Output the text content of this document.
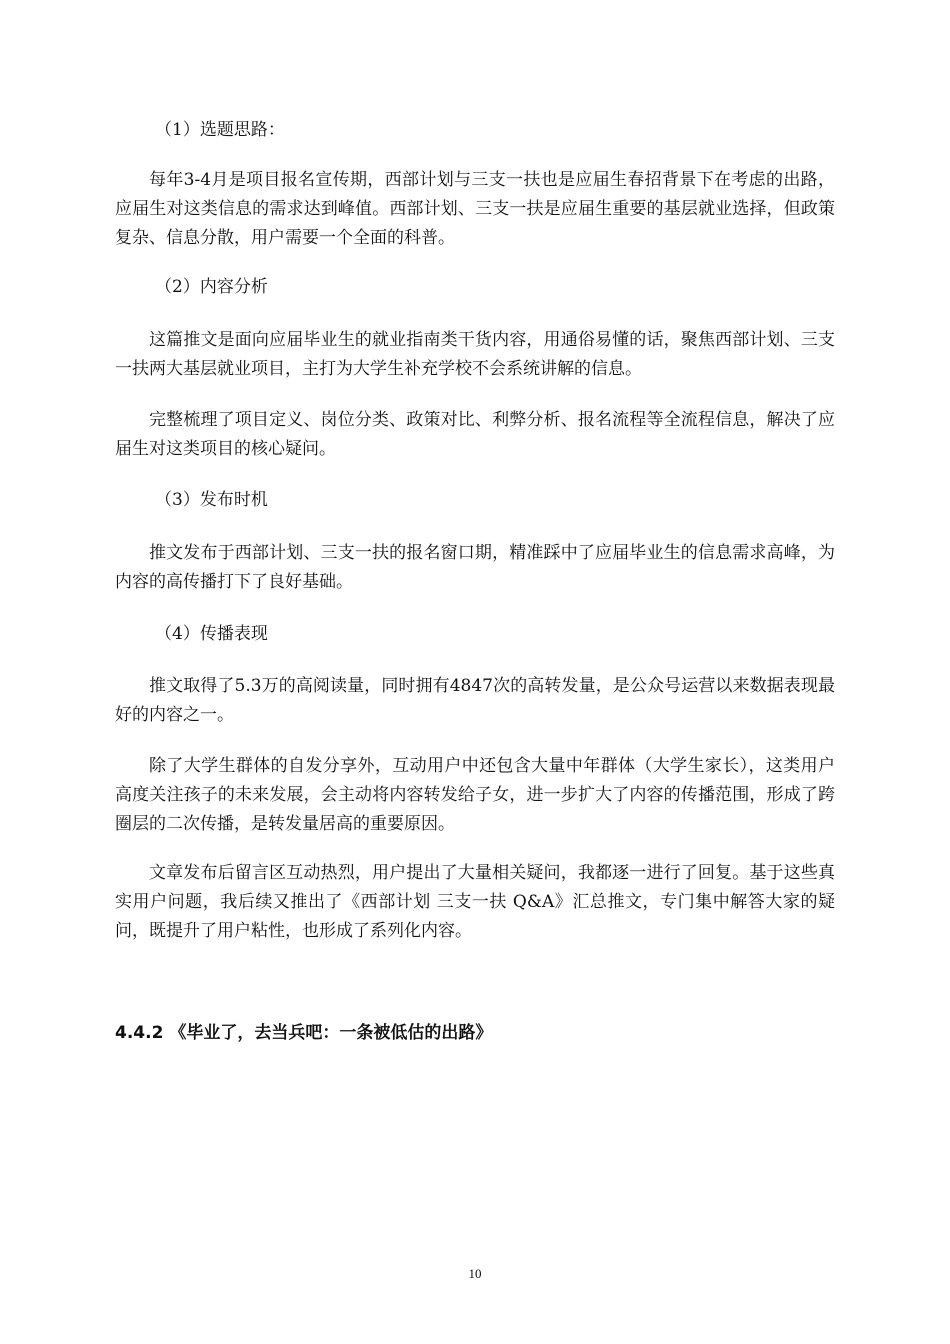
（1）选题思路：

每年3-4月是项目报名宣传期，西部计划与三支一扶也是应届生春招背景下在考虑的出路，应届生对这类信息的需求达到峰值。西部计划、三支一扶是应届生重要的基层就业选择，但政策复杂、信息分散，用户需要一个全面的科普。

（2）内容分析

这篇推文是面向应届毕业生的就业指南类干货内容，用通俗易懂的话，聚焦西部计划、三支一扶两大基层就业项目，主打为大学生补充学校不会系统讲解的信息。

完整梳理了项目定义、岗位分类、政策对比、利弊分析、报名流程等全流程信息，解决了应届生对这类项目的核心疑问。

（3）发布时机

推文发布于西部计划、三支一扶的报名窗口期，精准踩中了应届毕业生的信息需求高峰，为内容的高传播打下了良好基础。

（4）传播表现

推文取得了5.3万的高阅读量，同时拥有4847次的高转发量，是公众号运营以来数据表现最好的内容之一。

除了大学生群体的自发分享外，互动用户中还包含大量中年群体（大学生家长），这类用户高度关注孩子的未来发展，会主动将内容转发给子女，进一步扩大了内容的传播范围，形成了跨圈层的二次传播，是转发量居高的重要原因。

文章发布后留言区互动热烈，用户提出了大量相关疑问，我都逐一进行了回复。基于这些真实用户问题，我后续又推出了《西部计划 三支一扶 Q&A》汇总推文，专门集中解答大家的疑问，既提升了用户粘性，也形成了系列化内容。

4.4.2 《毕业了，去当兵吧：一条被低估的出路》
10
